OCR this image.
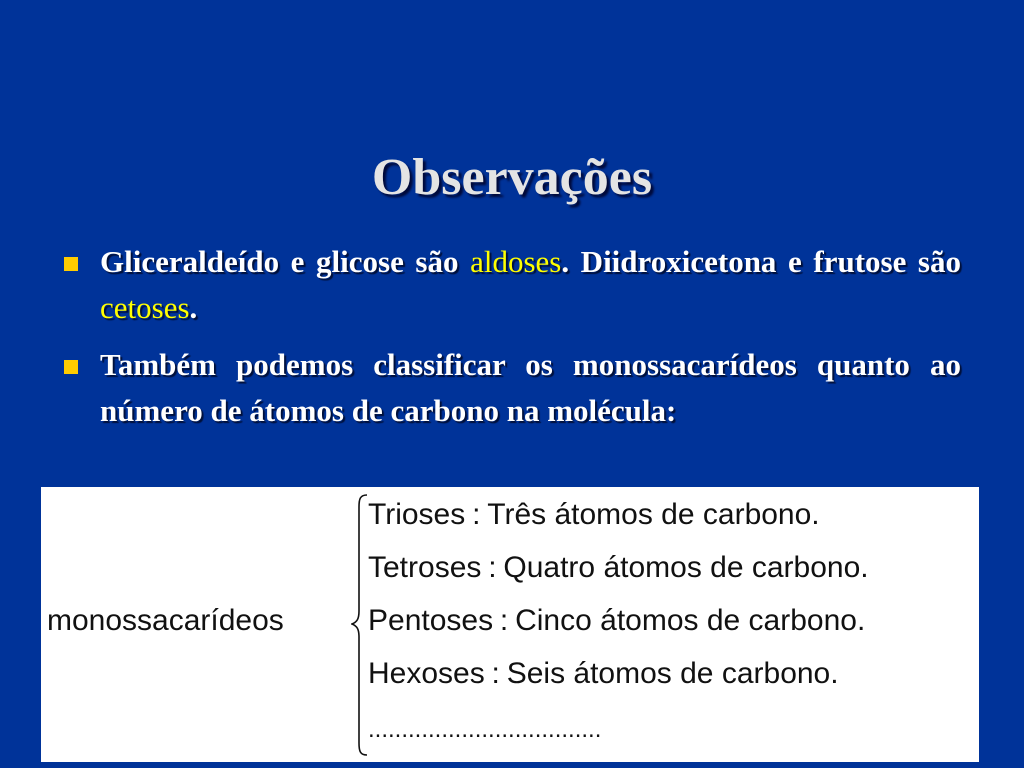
Observações
Gliceraldeído e glicose são aldoses. Diidroxicetona e frutose são cetoses.
Também podemos classificar os monossacarídeos quanto ao número de átomos de carbono na molécula:
monossacarídeos
Trioses : Três átomos de carbono.
Tetroses : Quatro átomos de carbono.
Pentoses : Cinco átomos de carbono.
Hexoses : Seis átomos de carbono.
...................................
